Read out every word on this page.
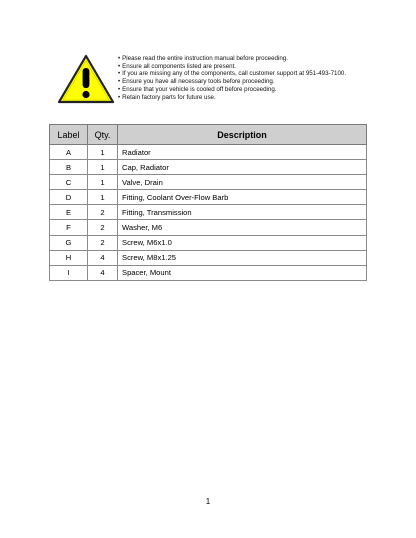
• Please read the entire instruction manual before proceeding.
• Ensure all components listed are present.
• If you are missing any of the components, call customer support at 951-493-7100.
• Ensure you have all necessary tools before proceeding.
• Ensure that your vehicle is cooled off before proceeding.
• Retain factory parts for future use.
Label	Qty.	Description
A	1	Radiator
B	1	Cap, Radiator
C	1	Valve, Drain
D	1	Fitting, Coolant Over-Flow Barb
E	2	Fitting, Transmission
F	2	Washer, M6
G	2	Screw, M6x1.0
H	4	Screw, M8x1.25
I	4	Spacer, Mount
1
